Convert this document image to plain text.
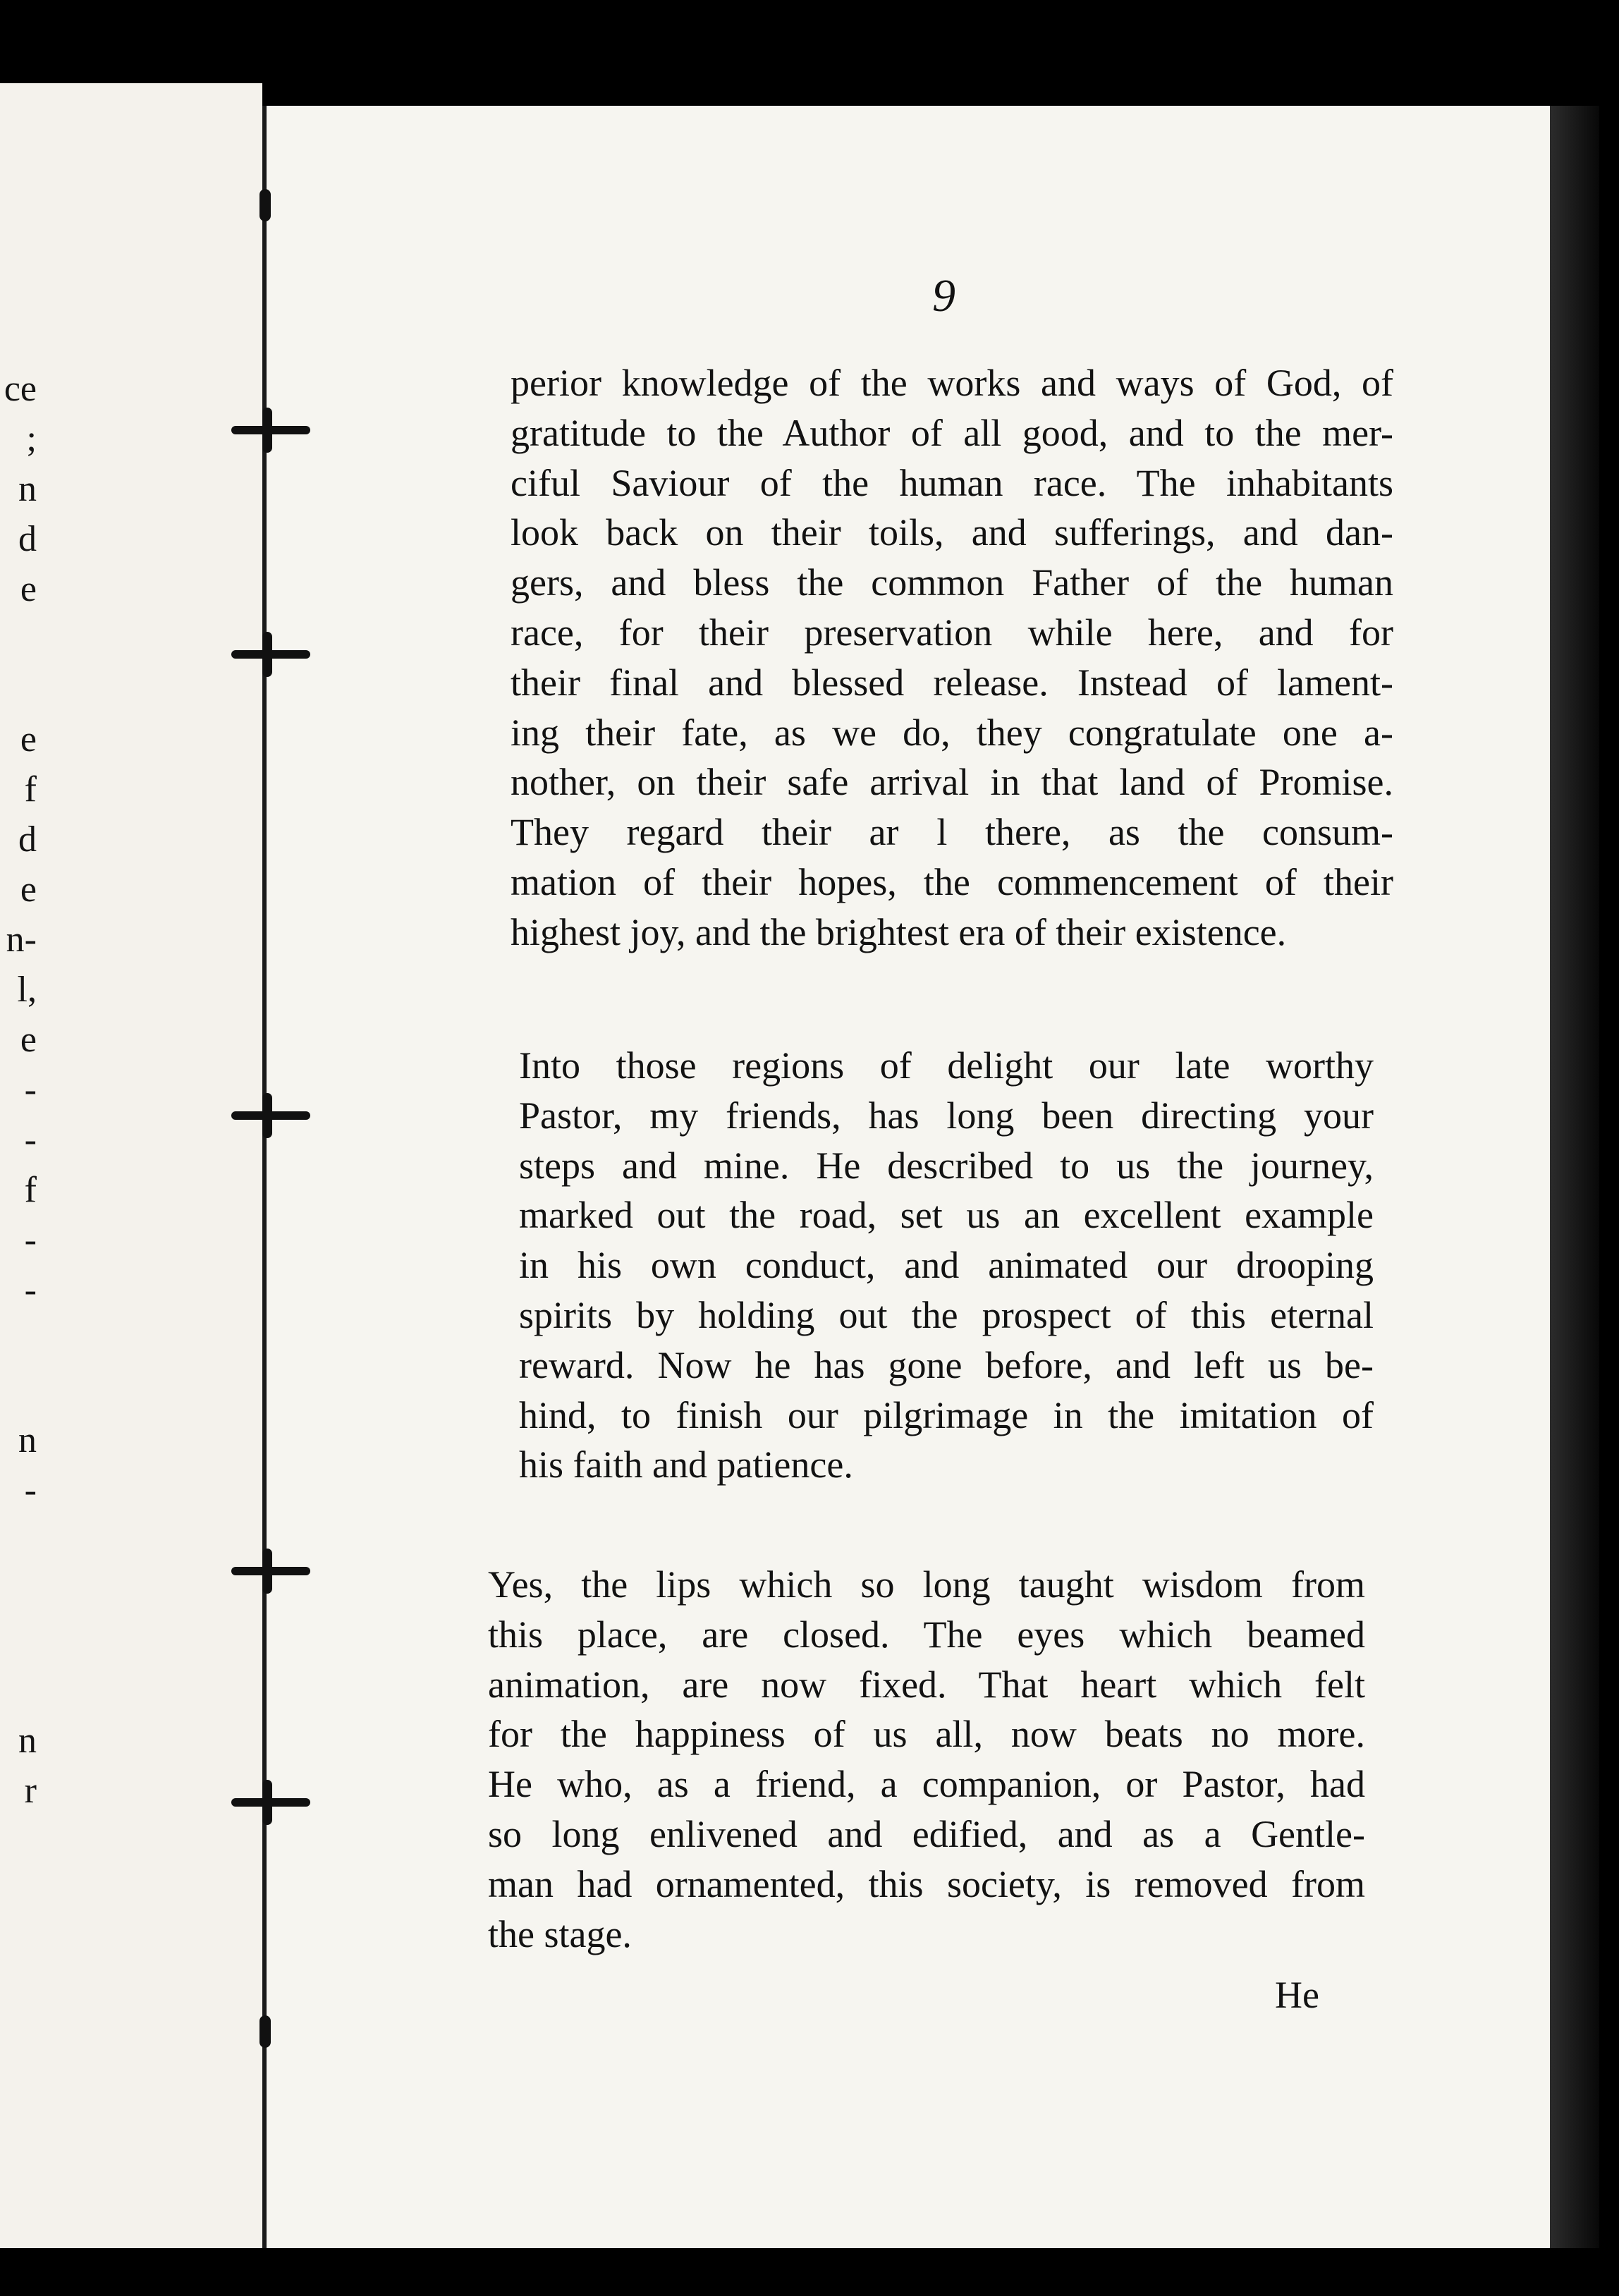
ce
;
n
d
e
e
f
d
e
n-
l,
e
-
-
f
-
-
n
-
n
r
9
perior knowledge of the works and ways of God, of
gratitude to the Author of all good, and to the mer-
ciful Saviour of the human race. The inhabitants
look back on their toils, and sufferings, and dan-
gers, and bless the common Father of the human
race, for their preservation while here, and for
their final and blessed release. Instead of lament-
ing their fate, as we do, they congratulate one a-
nother, on their safe arrival in that land of Promise.
They regard their ar l there, as the consum-
mation of their hopes, the commencement of their
highest joy, and the brightest era of their existence.
Into those regions of delight our late worthy
Pastor, my friends, has long been directing your
steps and mine. He described to us the journey,
marked out the road, set us an excellent example
in his own conduct, and animated our drooping
spirits by holding out the prospect of this eternal
reward. Now he has gone before, and left us be-
hind, to finish our pilgrimage in the imitation of
his faith and patience.
Yes, the lips which so long taught wisdom from
this place, are closed. The eyes which beamed
animation, are now fixed. That heart which felt
for the happiness of us all, now beats no more.
He who, as a friend, a companion, or Pastor, had
so long enlivened and edified, and as a Gentle-
man had ornamented, this society, is removed from
the stage.
He
